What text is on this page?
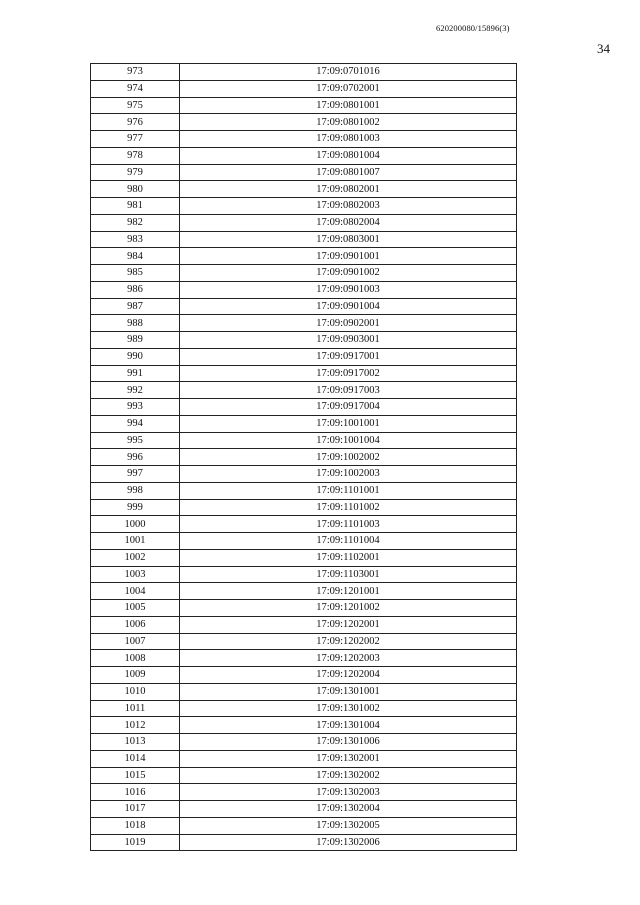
620200080/15896(3)
34
973	17:09:0701016
974	17:09:0702001
975	17:09:0801001
976	17:09:0801002
977	17:09:0801003
978	17:09:0801004
979	17:09:0801007
980	17:09:0802001
981	17:09:0802003
982	17:09:0802004
983	17:09:0803001
984	17:09:0901001
985	17:09:0901002
986	17:09:0901003
987	17:09:0901004
988	17:09:0902001
989	17:09:0903001
990	17:09:0917001
991	17:09:0917002
992	17:09:0917003
993	17:09:0917004
994	17:09:1001001
995	17:09:1001004
996	17:09:1002002
997	17:09:1002003
998	17:09:1101001
999	17:09:1101002
1000	17:09:1101003
1001	17:09:1101004
1002	17:09:1102001
1003	17:09:1103001
1004	17:09:1201001
1005	17:09:1201002
1006	17:09:1202001
1007	17:09:1202002
1008	17:09:1202003
1009	17:09:1202004
1010	17:09:1301001
1011	17:09:1301002
1012	17:09:1301004
1013	17:09:1301006
1014	17:09:1302001
1015	17:09:1302002
1016	17:09:1302003
1017	17:09:1302004
1018	17:09:1302005
1019	17:09:1302006
